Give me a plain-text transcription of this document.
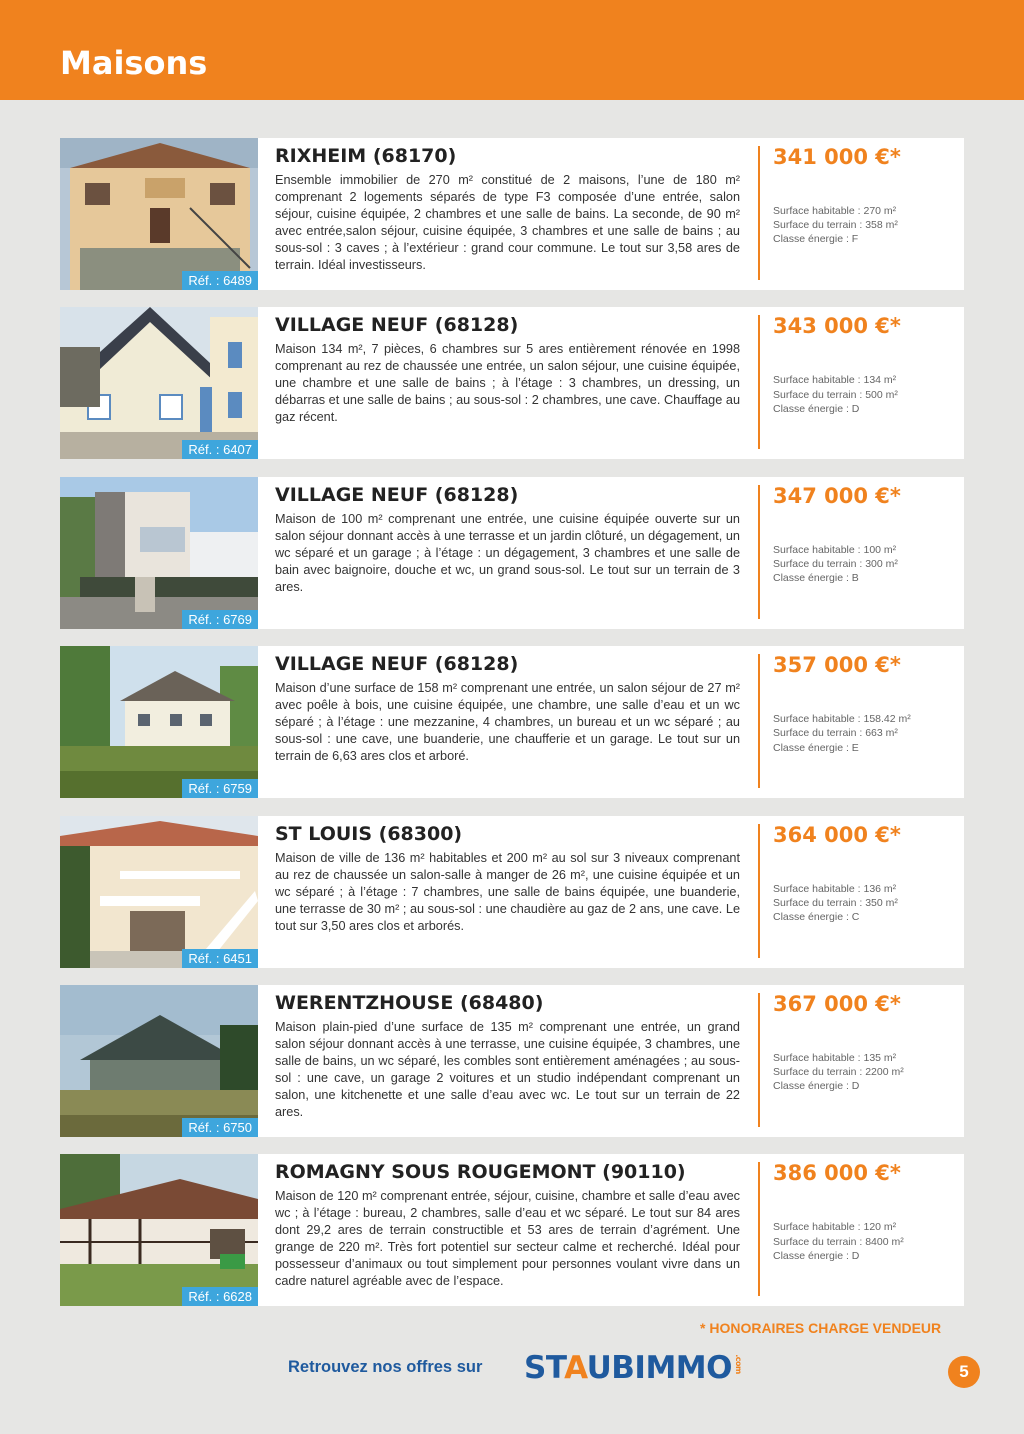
Maisons
Réf. : 6489
RIXHEIM (68170)

Ensemble immobilier de 270 m² constitué de 2 maisons, l’une de 180 m² comprenant 2 logements séparés de type F3 composée d’une entrée, salon séjour, cuisine équipée, 2 chambres et une salle de bains. La seconde, de 90 m² avec entrée,salon séjour, cuisine équipée, 3 chambres et une salle de bains ; au sous-sol : 3 caves ; à l’extérieur : grand cour commune. Le tout sur 3,58 ares de terrain. Idéal investisseurs.

341 000 €*

Surface habitable : 270 m²
Surface du terrain : 358 m²
Classe énergie : F
Réf. : 6407
VILLAGE NEUF (68128)

Maison 134 m², 7 pièces, 6 chambres sur 5 ares entièrement rénovée en 1998 comprenant au rez de chaussée une entrée, un salon séjour, une cuisine équipée, une chambre et une salle de bains ; à l’étage : 3 chambres, un dressing, un débarras et une salle de bains ; au sous-sol : 2 chambres, une cave. Chauffage au gaz récent.

343 000 €*

Surface habitable : 134 m²
Surface du terrain : 500 m²
Classe énergie : D
Réf. : 6769
VILLAGE NEUF (68128)

Maison de 100 m² comprenant une entrée, une cuisine équipée ouverte sur un salon séjour donnant accès à une terrasse et un jardin clôturé, un dégagement, un wc séparé et un garage ; à l’étage : un dégagement, 3 chambres et une salle de bain avec baignoire, douche et wc, un grand sous-sol. Le tout sur un terrain de 3 ares.

347 000 €*

Surface habitable : 100 m²
Surface du terrain : 300 m²
Classe énergie : B
Réf. : 6759
VILLAGE NEUF (68128)

Maison d’une surface de 158 m² comprenant une entrée, un salon séjour de 27 m² avec poêle à bois, une cuisine équipée, une chambre, une salle d’eau et un wc séparé ; à l’étage : une mezzanine, 4 chambres, un bureau et un wc séparé ; au sous-sol : une cave, une buanderie, une chaufferie et un garage. Le tout sur un terrain de 6,63 ares clos et arboré.

357 000 €*

Surface habitable : 158.42 m²
Surface du terrain : 663 m²
Classe énergie : E
Réf. : 6451
ST LOUIS (68300)

Maison de ville de 136 m² habitables et 200 m² au sol sur 3 niveaux comprenant au rez de chaussée un salon-salle à manger de 26 m², une cuisine équipée et un wc séparé ; à l’étage : 7 chambres, une salle de bains équipée, une buanderie, une terrasse de 30 m² ; au sous-sol : une chaudière au gaz de 2 ans, une cave. Le tout sur 3,50 ares clos et arborés.

364 000 €*

Surface habitable : 136 m²
Surface du terrain : 350 m²
Classe énergie : C
Réf. : 6750
WERENTZHOUSE (68480)

Maison plain-pied d’une surface de 135 m² comprenant une entrée, un grand salon séjour donnant accès à une terrasse, une cuisine équipée, 3 chambres, une salle de bains, un wc séparé, les combles sont entièrement aménagées ; au sous-sol : une cave, un garage 2 voitures et un studio indépendant comprenant un salon, une kitchenette et une salle d’eau avec wc. Le tout sur un terrain de 22 ares.

367 000 €*

Surface habitable : 135 m²
Surface du terrain : 2200 m²
Classe énergie : D
Réf. : 6628
ROMAGNY SOUS ROUGEMONT (90110)

Maison de 120 m² comprenant entrée, séjour, cuisine, chambre et salle d’eau avec wc ; à l’étage : bureau, 2 chambres, salle d’eau et wc séparé. Le tout sur 84 ares dont 29,2 ares de terrain constructible et 53 ares de terrain d’agrément. Une grange de 220 m². Très fort potentiel sur secteur calme et recherché. Idéal pour possesseur d’animaux ou tout simplement pour personnes voulant vivre dans un cadre naturel agréable avec de l’espace.

386 000 €*

Surface habitable : 120 m²
Surface du terrain : 8400 m²
Classe énergie : D
* HONORAIRES CHARGE VENDEUR
Retrouvez nos offres sur STAUBIMMO .com	5
